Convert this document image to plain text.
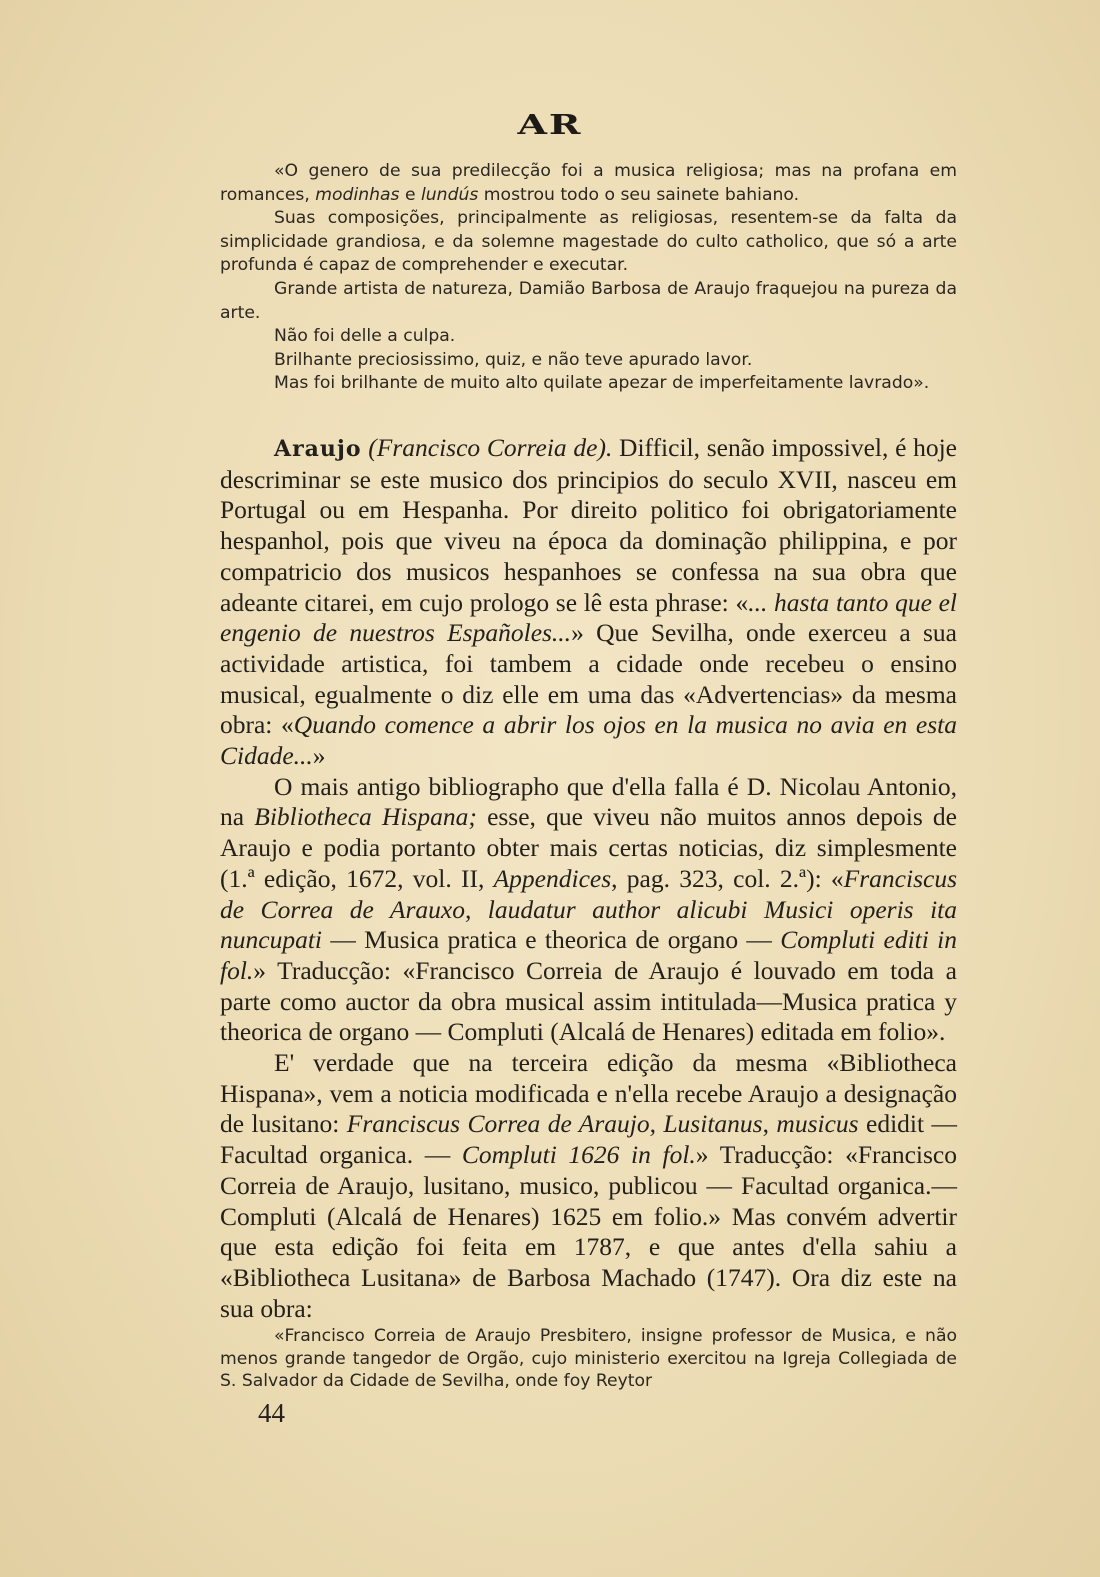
AR

«O genero de sua predilecção foi a musica religiosa; mas na profana em romances, modinhas e lundús mostrou todo o seu sainete bahiano.

Suas composições, principalmente as religiosas, resentem-se da falta da simplicidade grandiosa, e da solemne magestade do culto catholico, que só a arte profunda é capaz de comprehender e executar.

Grande artista de natureza, Damião Barbosa de Araujo fraquejou na pureza da arte.

Não foi delle a culpa.

Brilhante preciosissimo, quiz, e não teve apurado lavor.

Mas foi brilhante de muito alto quilate apezar de imperfeitamente lavrado».

Araujo (Francisco Correia de). Difficil, senão impossivel, é hoje descriminar se este musico dos principios do seculo XVII, nasceu em Portugal ou em Hespanha. Por direito politico foi obrigatoriamente hespanhol, pois que viveu na época da dominação philippina, e por compatricio dos musicos hespanhoes se confessa na sua obra que adeante citarei, em cujo prologo se lê esta phrase: «... hasta tanto que el engenio de nuestros Españoles...» Que Sevilha, onde exerceu a sua actividade artistica, foi tambem a cidade onde recebeu o ensino musical, egualmente o diz elle em uma das «Advertencias» da mesma obra: «Quando comence a abrir los ojos en la musica no avia en esta Cidade...»

O mais antigo bibliographo que d'ella falla é D. Nicolau Antonio, na Bibliotheca Hispana; esse, que viveu não muitos annos depois de Araujo e podia portanto obter mais certas noticias, diz simplesmente (1.ª edição, 1672, vol. II, Appendices, pag. 323, col. 2.ª): «Franciscus de Correa de Arauxo, laudatur author alicubi Musici operis ita nuncupati — Musica pratica e theorica de organo — Compluti editi in fol.» Traducção: «Francisco Correia de Araujo é louvado em toda a parte como auctor da obra musical assim intitulada—Musica pratica y theorica de organo — Compluti (Alcalá de Henares) editada em folio».

E' verdade que na terceira edição da mesma «Bibliotheca Hispana», vem a noticia modificada e n'ella recebe Araujo a designação de lusitano: Franciscus Correa de Araujo, Lusitanus, musicus edidit — Facultad organica. — Compluti 1626 in fol.» Traducção: «Francisco Correia de Araujo, lusitano, musico, publicou — Facultad organica.— Compluti (Alcalá de Henares) 1625 em folio.» Mas convém advertir que esta edição foi feita em 1787, e que antes d'ella sahiu a «Bibliotheca Lusitana» de Barbosa Machado (1747). Ora diz este na sua obra:

«Francisco Correia de Araujo Presbitero, insigne professor de Musica, e não menos grande tangedor de Orgão, cujo ministerio exercitou na Igreja Collegiada de S. Salvador da Cidade de Sevilha, onde foy Reytor

44
